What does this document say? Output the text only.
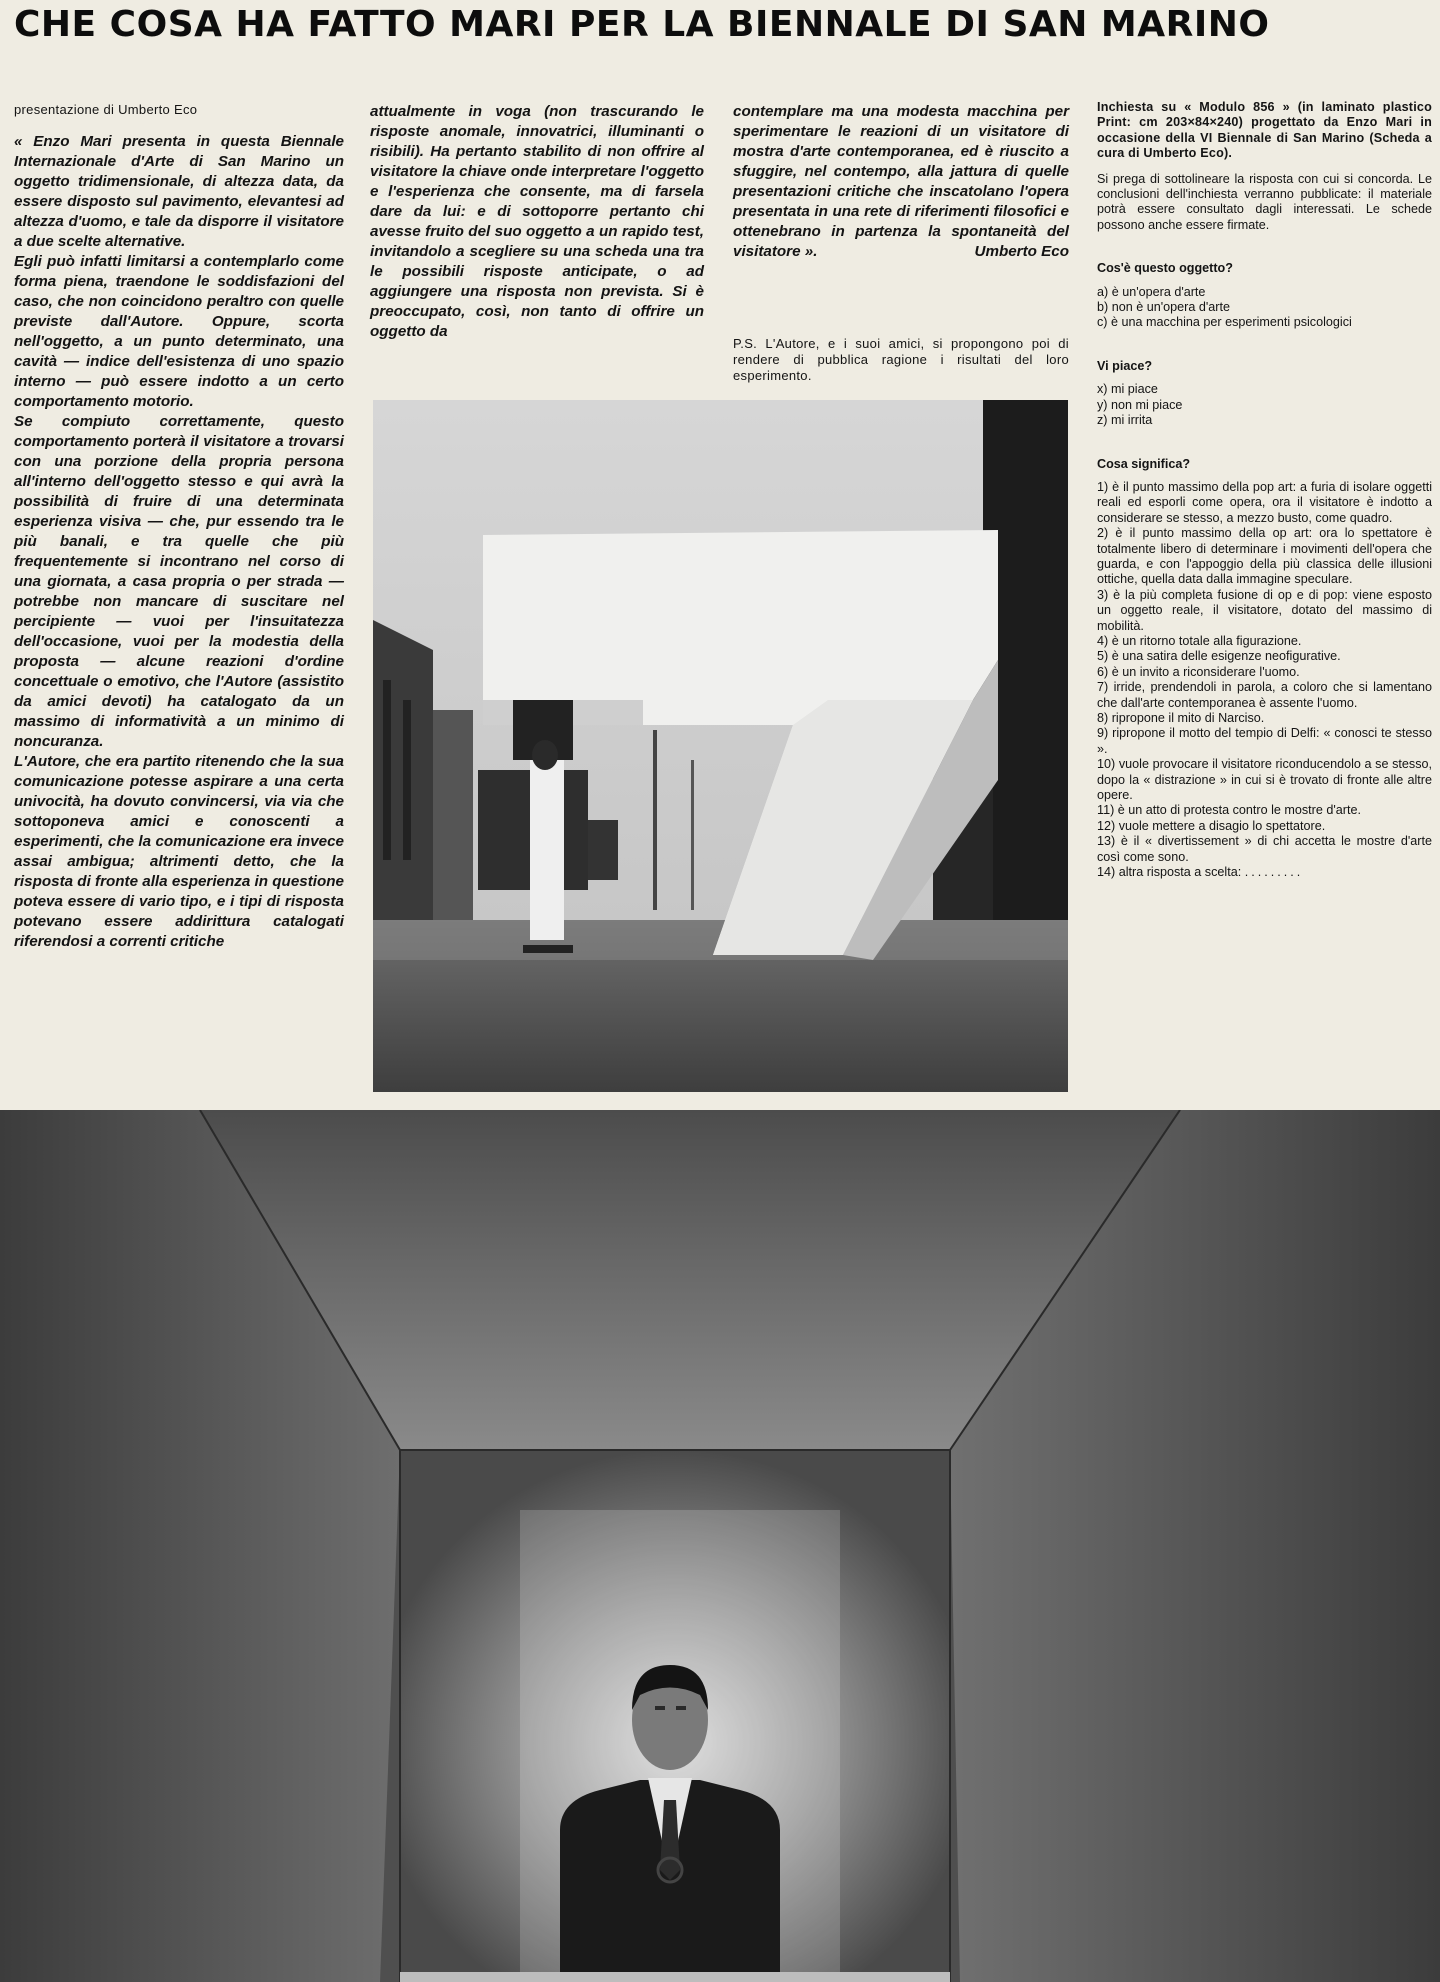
CHE COSA HA FATTO MARI PER LA BIENNALE DI SAN MARINO
presentazione di Umberto Eco

« Enzo Mari presenta in questa Biennale Internazionale d'Arte di San Marino un oggetto tridimensionale, di altezza data, da essere disposto sul pavimento, elevantesi ad altezza d'uomo, e tale da disporre il visitatore a due scelte alternative.

Egli può infatti limitarsi a contemplarlo come forma piena, traendone le soddisfazioni del caso, che non coincidono peraltro con quelle previste dall'Autore. Oppure, scorta nell'oggetto, a un punto determinato, una cavità — indice dell'esistenza di uno spazio interno — può essere indotto a un certo comportamento motorio.

Se compiuto correttamente, questo comportamento porterà il visitatore a trovarsi con una porzione della propria persona all'interno dell'oggetto stesso e qui avrà la possibilità di fruire di una determinata esperienza visiva — che, pur essendo tra le più banali, e tra quelle che più frequentemente si incontrano nel corso di una giornata, a casa propria o per strada — potrebbe non mancare di suscitare nel percipiente — vuoi per l'insuitatezza dell'occasione, vuoi per la modestia della proposta — alcune reazioni d'ordine concettuale o emotivo, che l'Autore (assistito da amici devoti) ha catalogato da un massimo di informatività a un minimo di noncuranza.

L'Autore, che era partito ritenendo che la sua comunicazione potesse aspirare a una certa univocità, ha dovuto convincersi, via via che sottoponeva amici e conoscenti a esperimenti, che la comunicazione era invece assai ambigua; altrimenti detto, che la risposta di fronte alla esperienza in questione poteva essere di vario tipo, e i tipi di risposta potevano essere addirittura catalogati riferendosi a correnti critiche

attualmente in voga (non trascurando le risposte anomale, innovatrici, illuminanti o risibili). Ha pertanto stabilito di non offrire al visitatore la chiave onde interpretare l'oggetto e l'esperienza che consente, ma di farsela dare da lui: e di sottoporre pertanto chi avesse fruito del suo oggetto a un rapido test, invitandolo a scegliere su una scheda una tra le possibili risposte anticipate, o ad aggiungere una risposta non prevista. Si è preoccupato, così, non tanto di offrire un oggetto da

contemplare ma una modesta macchina per sperimentare le reazioni di un visitatore di mostra d'arte contemporanea, ed è riuscito a sfuggire, nel contempo, alla jattura di quelle presentazioni critiche che inscatolano l'opera presentata in una rete di riferimenti filosofici e ottenebrano in partenza la spontaneità del visitatore ».	Umberto Eco

P.S. L'Autore, e i suoi amici, si propongono poi di rendere di pubblica ragione i risultati del loro esperimento.
Inchiesta su « Modulo 856 » (in laminato plastico Print: cm 203×84×240) progettato da Enzo Mari in occasione della VI Biennale di San Marino (Scheda a cura di Umberto Eco).
Si prega di sottolineare la risposta con cui si concorda. Le conclusioni dell'inchiesta verranno pubblicate: il materiale potrà essere consultato dagli interessati. Le schede possono anche essere firmate.
Cos'è questo oggetto?
a) è un'opera d'arte
b) non è un'opera d'arte
c) è una macchina per esperimenti psicologici
Vi piace?
x) mi piace
y) non mi piace
z) mi irrita
Cosa significa?
1) è il punto massimo della pop art: a furia di isolare oggetti reali ed esporli come opera, ora il visitatore è indotto a considerare se stesso, a mezzo busto, come quadro.
2) è il punto massimo della op art: ora lo spettatore è totalmente libero di determinare i movimenti dell'opera che guarda, e con l'appoggio della più classica delle illusioni ottiche, quella data dalla immagine speculare.
3) è la più completa fusione di op e di pop: viene esposto un oggetto reale, il visitatore, dotato del massimo di mobilità.
4) è un ritorno totale alla figurazione.
5) è una satira delle esigenze neofigurative.
6) è un invito a riconsiderare l'uomo.
7) irride, prendendoli in parola, a coloro che si lamentano che dall'arte contemporanea è assente l'uomo.
8) ripropone il mito di Narciso.
9) ripropone il motto del tempio di Delfi: « conosci te stesso ».
10) vuole provocare il visitatore riconducendolo a se stesso, dopo la « distrazione » in cui si è trovato di fronte alle altre opere.
11) è un atto di protesta contro le mostre d'arte.
12) vuole mettere a disagio lo spettatore.
13) è il « divertissement » di chi accetta le mostre d'arte così come sono.
14) altra risposta a scelta: .........
